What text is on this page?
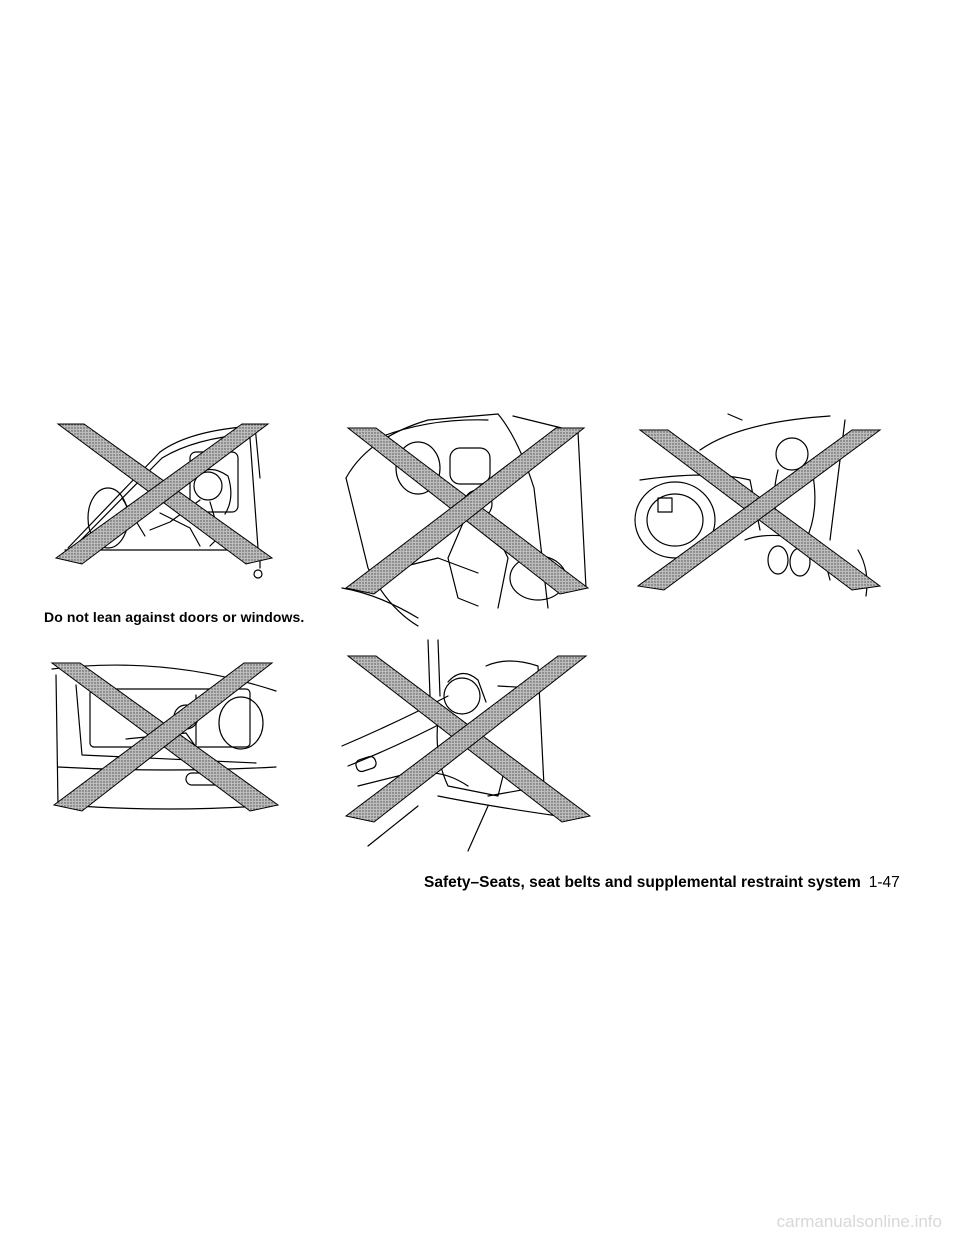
Do not lean against doors or windows.
Safety–Seats, seat belts and supplemental restraint system 1-47
carmanualsonline.info
